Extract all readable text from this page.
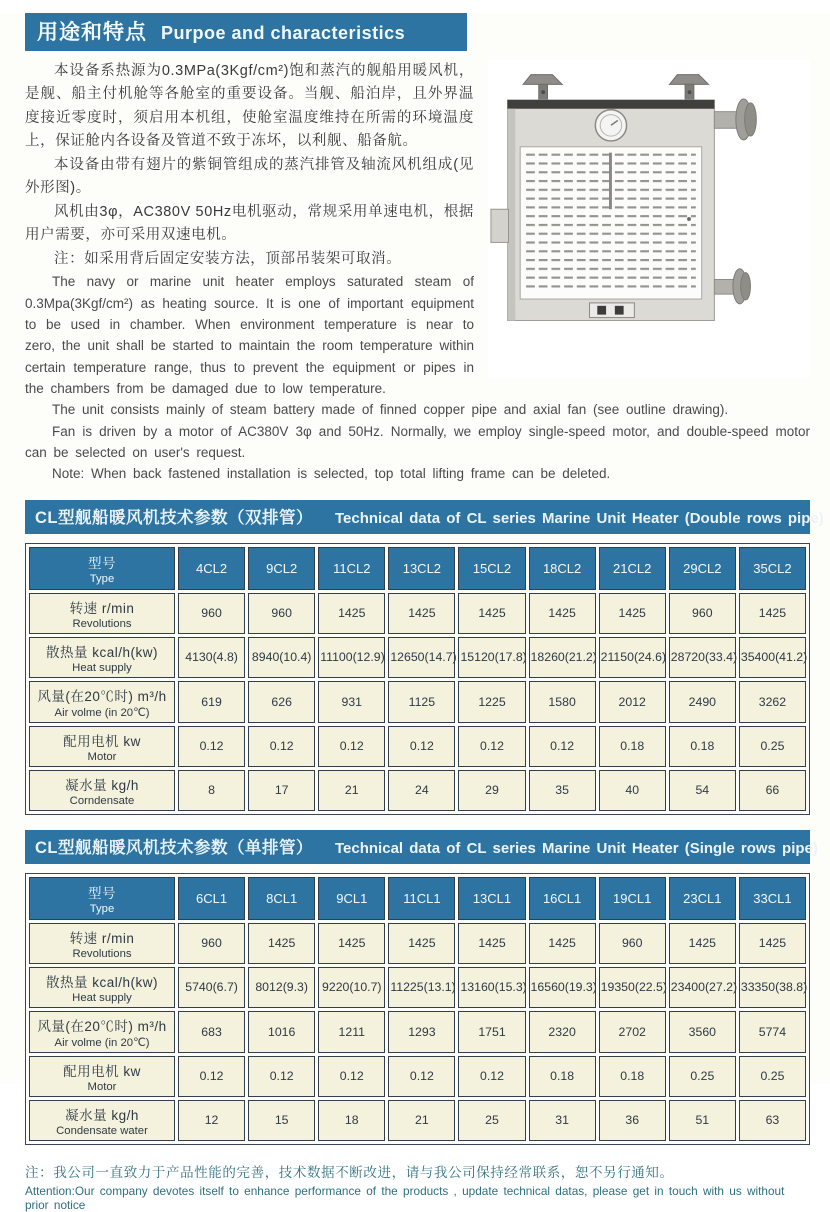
用途和特点 Purpoe and characteristics

本设备系热源为0.3MPa(3Kgf/cm²)饱和蒸汽的舰船用暖风机，是舰、船主付机舱等各舱室的重要设备。当舰、船泊岸，且外界温度接近零度时，须启用本机组，使舱室温度维持在所需的环境温度上，保证舱内各设备及管道不致于冻坏，以利舰、船备航。

本设备由带有翅片的紫铜管组成的蒸汽排管及轴流风机组成(见外形图)。

风机由3φ，AC380V 50Hz电机驱动，常规采用单速电机，根据用户需要，亦可采用双速电机。

注：如采用背后固定安装方法，顶部吊装架可取消。

The navy or marine unit heater employs saturated steam of 0.3Mpa(3Kgf/cm²) as heating source. It is one of important equipment to be used in chamber. When environment temperature is near to zero, the unit shall be started to maintain the room temperature within certain temperature range, thus to prevent the equipment or pipes in the chambers from be damaged due to low temperature.

The unit consists mainly of steam battery made of finned copper pipe and axial fan (see outline drawing).

Fan is driven by a motor of AC380V 3φ and 50Hz. Normally, we employ single-speed motor, and double-speed motor can be selected on user's request.

Note: When back fastened installation is selected, top total lifting frame can be deleted.

CL型舰船暖风机技术参数（双排管） Technical data of CL series Marine Unit Heater (Double rows pipe)
型号
Type	4CL2	9CL2	11CL2	13CL2	15CL2	18CL2	21CL2	29CL2	35CL2

转速 r/min
Revolutions	960	960	1425	1425	1425	1425	1425	960	1425

散热量 kcal/h(kw)
Heat supply	4130(4.8)	8940(10.4)	11100(12.9)	12650(14.7)	15120(17.8)	18260(21.2)	21150(24.6)	28720(33.4)	35400(41.2)

风量(在20℃时) m³/h
Air volme (in 20℃)	619	626	931	1125	1225	1580	2012	2490	3262

配用电机 kw
Motor	0.12	0.12	0.12	0.12	0.12	0.12	0.18	0.18	0.25

凝水量 kg/h
Corndensate	8	17	21	24	29	35	40	54	66
CL型舰船暖风机技术参数（单排管） Technical data of CL series Marine Unit Heater (Single rows pipe)
型号
Type	6CL1	8CL1	9CL1	11CL1	13CL1	16CL1	19CL1	23CL1	33CL1

转速 r/min
Revolutions	960	1425	1425	1425	1425	1425	960	1425	1425

散热量 kcal/h(kw)
Heat supply	5740(6.7)	8012(9.3)	9220(10.7)	11225(13.1)	13160(15.3)	16560(19.3)	19350(22.5)	23400(27.2)	33350(38.8)

风量(在20℃时) m³/h
Air volme (in 20℃)	683	1016	1211	1293	1751	2320	2702	3560	5774

配用电机 kw
Motor	0.12	0.12	0.12	0.12	0.12	0.18	0.18	0.25	0.25

凝水量 kg/h
Condensate water	12	15	18	21	25	31	36	51	63
注：我公司一直致力于产品性能的完善，技术数据不断改进，请与我公司保持经常联系，恕不另行通知。
Attention:Our company devotes itself to enhance performance of the products , update technical datas, please get in touch with us without prior notice
